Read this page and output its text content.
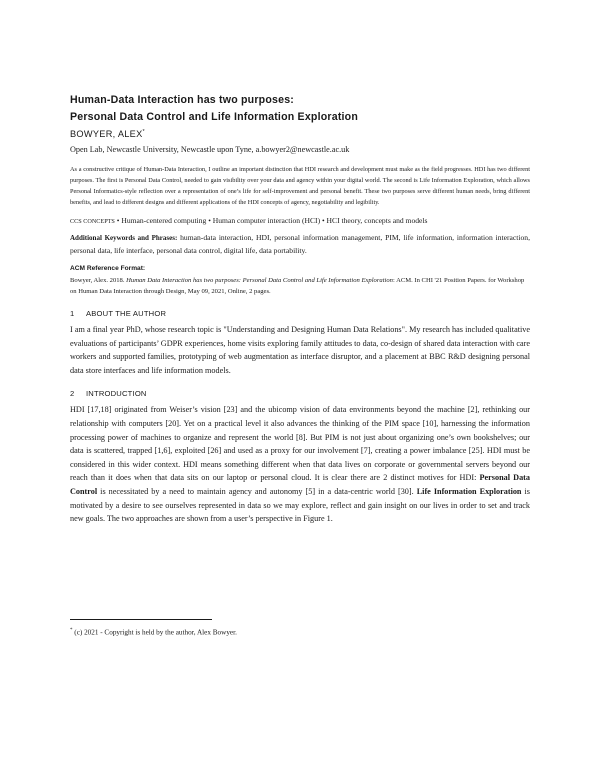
Human-Data Interaction has two purposes:
Personal Data Control and Life Information Exploration
BOWYER, ALEX*
Open Lab, Newcastle University, Newcastle upon Tyne, a.bowyer2@newcastle.ac.uk
As a constructive critique of Human-Data Interaction, I outline an important distinction that HDI research and development must make as the field progresses. HDI has two different purposes. The first is Personal Data Control, needed to gain visibility over your data and agency within your digital world. The second is Life Information Exploration, which allows Personal Informatics-style reflection over a representation of one’s life for self-improvement and personal benefit. These two purposes serve different human needs, bring different benefits, and lead to different designs and different applications of the HDI concepts of agency, negotiability and legibility.
CCS CONCEPTS • Human-centered computing • Human computer interaction (HCI) • HCI theory, concepts and models
Additional Keywords and Phrases: human-data interaction, HDI, personal information management, PIM, life information, information interaction, personal data, life interface, personal data control, digital life, data portability.
ACM Reference Format:
Bowyer, Alex. 2018. Human Data Interaction has two purposes: Personal Data Control and Life Information Exploration: ACM. In CHI '21 Position Papers. for Workshop on Human Data Interaction through Design, May 09, 2021, Online, 2 pages.
1 ABOUT THE AUTHOR
I am a final year PhD, whose research topic is "Understanding and Designing Human Data Relations". My research has included qualitative evaluations of participants’ GDPR experiences, home visits exploring family attitudes to data, co-design of shared data interaction with care workers and supported families, prototyping of web augmentation as interface disruptor, and a placement at BBC R&D designing personal data store interfaces and life information models.
2 INTRODUCTION
HDI [17,18] originated from Weiser’s vision [23] and the ubicomp vision of data environments beyond the machine [2], rethinking our relationship with computers [20]. Yet on a practical level it also advances the thinking of the PIM space [10], harnessing the information processing power of machines to organize and represent the world [8]. But PIM is not just about organizing one’s own bookshelves; our data is scattered, trapped [1,6], exploited [26] and used as a proxy for our involvement [7], creating a power imbalance [25]. HDI must be considered in this wider context. HDI means something different when that data lives on corporate or governmental servers beyond our reach than it does when that data sits on our laptop or personal cloud. It is clear there are 2 distinct motives for HDI: Personal Data Control is necessitated by a need to maintain agency and autonomy [5] in a data-centric world [30]. Life Information Exploration is motivated by a desire to see ourselves represented in data so we may explore, reflect and gain insight on our lives in order to set and track new goals. The two approaches are shown from a user’s perspective in Figure 1.
* (c) 2021 - Copyright is held by the author, Alex Bowyer.
